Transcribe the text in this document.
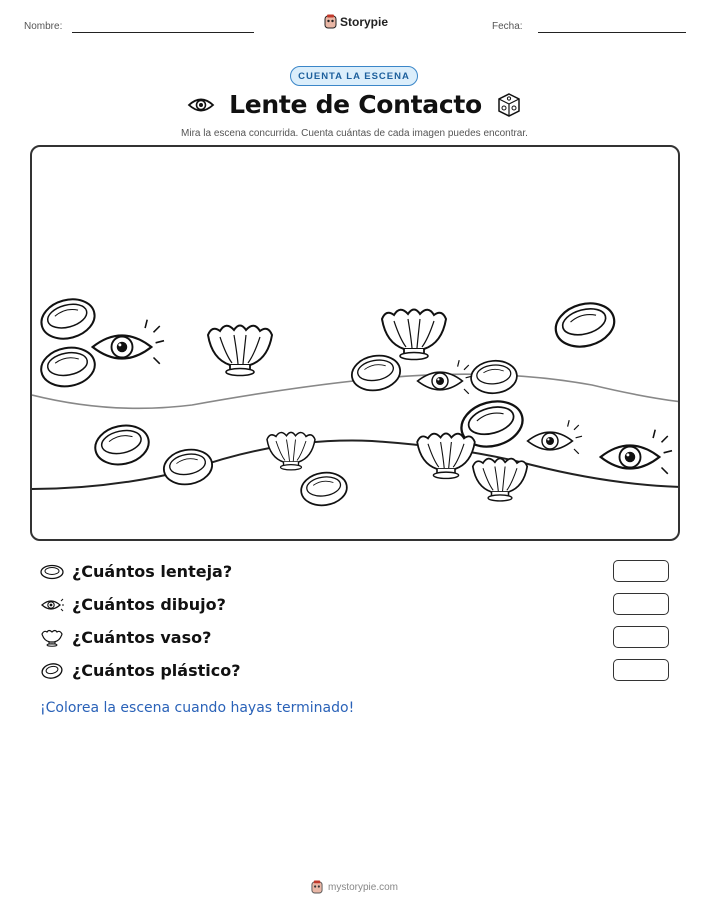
Nombre:	Storypie	Fecha:
CUENTA LA ESCENA
Lente de Contacto
Mira la escena concurrida. Cuenta cuántas de cada imagen puedes encontrar.
¿Cuántos lenteja?
¿Cuántos dibujo?
¿Cuántos vaso?
¿Cuántos plástico?
¡Colorea la escena cuando hayas terminado!
mystorypie.com
